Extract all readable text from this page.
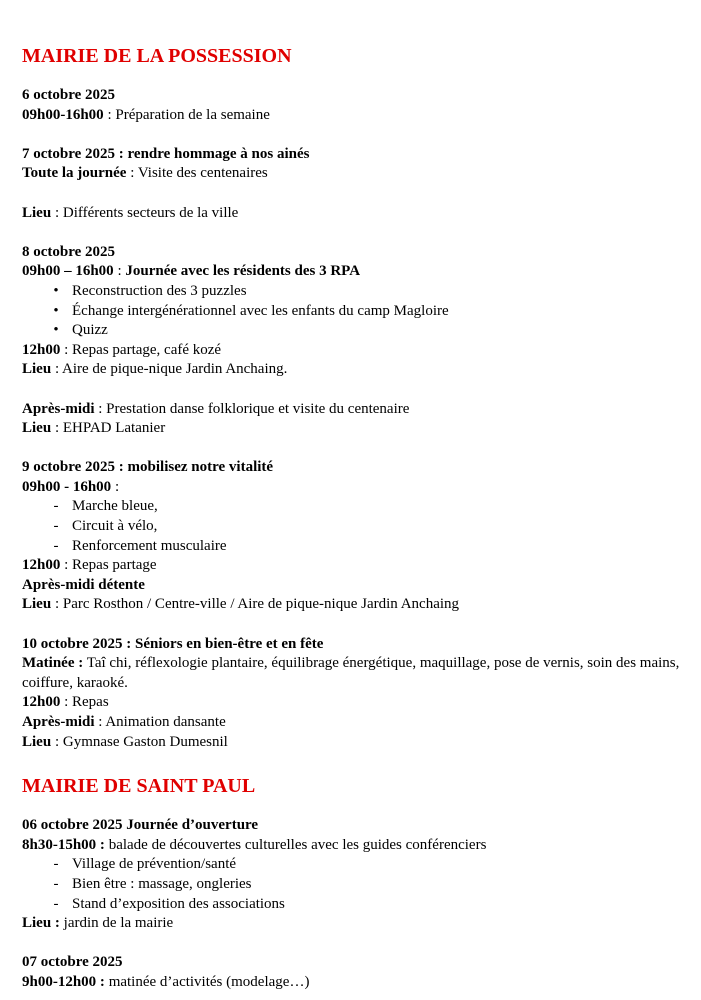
MAIRIE DE LA POSSESSION

6 octobre 2025

09h00-16h00 : Préparation de la semaine

7 octobre 2025 : rendre hommage à nos ainés

Toute la journée : Visite des centenaires

Lieu : Différents secteurs de la ville

8 octobre 2025

09h00 – 16h00 : Journée avec les résidents des 3 RPA

• Reconstruction des 3 puzzles
• Échange intergénérationnel avec les enfants du camp Magloire
• Quizz

12h00 : Repas partage, café kozé

Lieu : Aire de pique-nique Jardin Anchaing.

Après-midi : Prestation danse folklorique et visite du centenaire

Lieu : EHPAD Latanier

9 octobre 2025 : mobilisez notre vitalité

09h00 - 16h00 :

- Marche bleue,
- Circuit à vélo,
- Renforcement musculaire

12h00 : Repas partage

Après-midi détente

Lieu : Parc Rosthon / Centre-ville / Aire de pique-nique Jardin Anchaing

10 octobre 2025 : Séniors en bien-être et en fête

Matinée : Taî chi, réflexologie plantaire, équilibrage énergétique, maquillage, pose de vernis, soin des mains, coiffure, karaoké.

12h00 : Repas

Après-midi : Animation dansante

Lieu : Gymnase Gaston Dumesnil

MAIRIE DE SAINT PAUL

06 octobre 2025 Journée d’ouverture

8h30-15h00 : balade de découvertes culturelles avec les guides conférenciers

- Village de prévention/santé
- Bien être : massage, ongleries
- Stand d’exposition des associations

Lieu : jardin de la mairie

07 octobre 2025

9h00-12h00 : matinée d’activités (modelage…)
